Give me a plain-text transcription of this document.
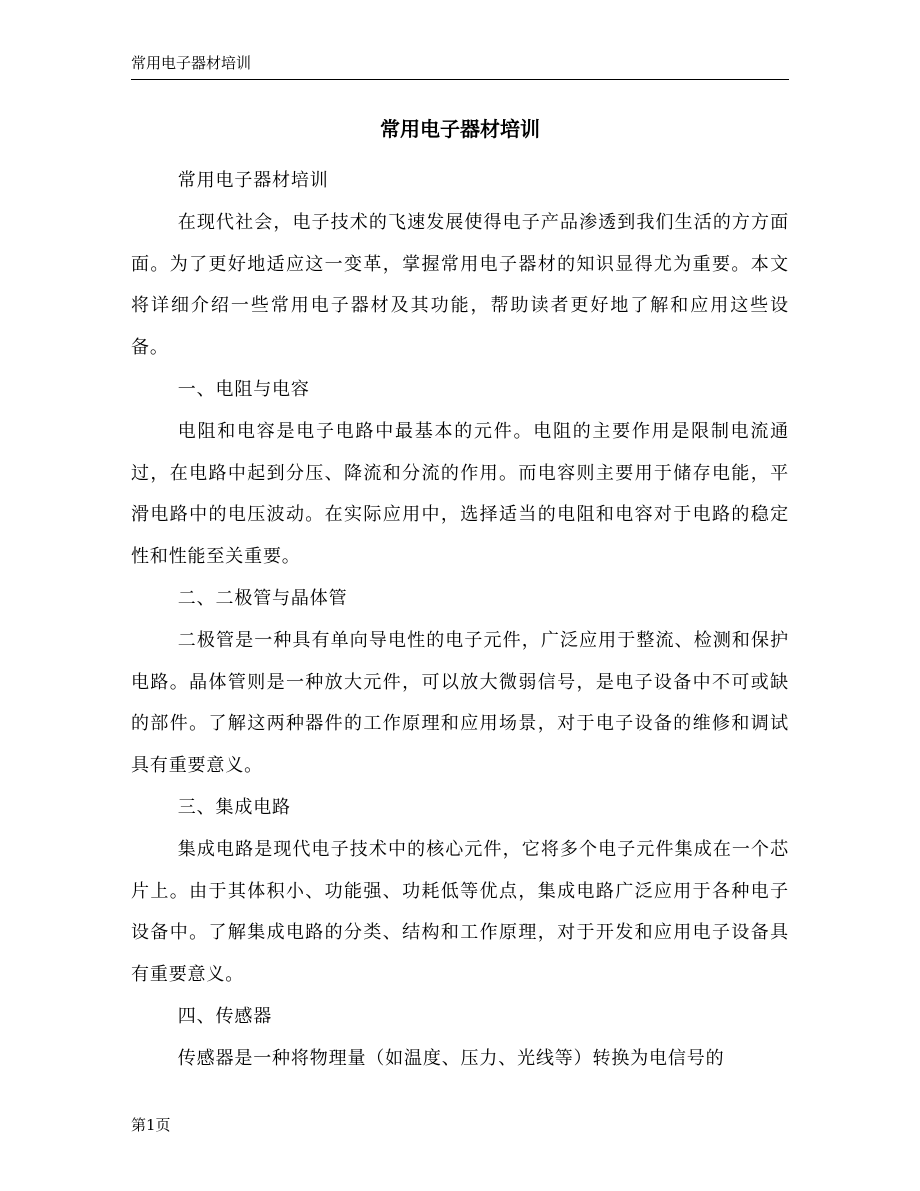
常用电子器材培训
常用电子器材培训

常用电子器材培训

在现代社会，电子技术的飞速发展使得电子产品渗透到我们生活的方方面面。为了更好地适应这一变革，掌握常用电子器材的知识显得尤为重要。本文将详细介绍一些常用电子器材及其功能，帮助读者更好地了解和应用这些设备。

一、电阻与电容

电阻和电容是电子电路中最基本的元件。电阻的主要作用是限制电流通过，在电路中起到分压、降流和分流的作用。而电容则主要用于储存电能，平滑电路中的电压波动。在实际应用中，选择适当的电阻和电容对于电路的稳定性和性能至关重要。

二、二极管与晶体管

二极管是一种具有单向导电性的电子元件，广泛应用于整流、检测和保护电路。晶体管则是一种放大元件，可以放大微弱信号，是电子设备中不可或缺的部件。了解这两种器件的工作原理和应用场景，对于电子设备的维修和调试具有重要意义。

三、集成电路

集成电路是现代电子技术中的核心元件，它将多个电子元件集成在一个芯片上。由于其体积小、功能强、功耗低等优点，集成电路广泛应用于各种电子设备中。了解集成电路的分类、结构和工作原理，对于开发和应用电子设备具有重要意义。

四、传感器

传感器是一种将物理量（如温度、压力、光线等）转换为电信号的

第1页
